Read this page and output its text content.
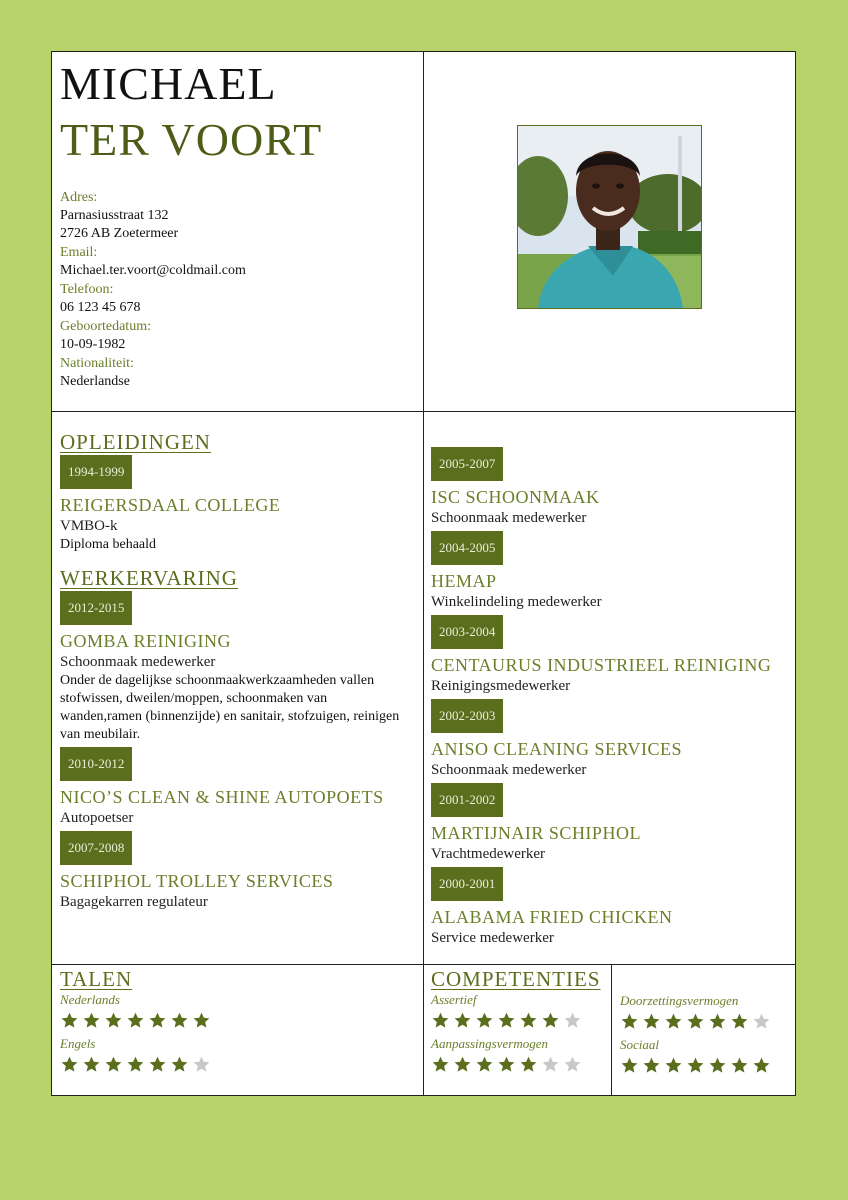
MICHAEL
TER VOORT
Adres:
Parnasiusstraat 132
2726 AB Zoetermeer
Email:
Michael.ter.voort@coldmail.com
Telefoon:
06 123 45 678
Geboortedatum:
10-09-1982
Nationaliteit:
Nederlandse
OPLEIDINGEN
1994-1999
REIGERSDAAL COLLEGE
VMBO-k
Diploma behaald
WERKERVARING
2012-2015
GOMBA REINIGING
Schoonmaak medewerker
Onder de dagelijkse schoonmaakwerkzaamheden vallen stofwissen, dweilen/moppen, schoonmaken van wanden,ramen (binnenzijde) en sanitair, stofzuigen, reinigen van meubilair.
2010-2012
NICO’S CLEAN & SHINE AUTOPOETS
Autopoetser
2007-2008
SCHIPHOL TROLLEY SERVICES
Bagagekarren regulateur
2005-2007
ISC SCHOONMAAK
Schoonmaak medewerker
2004-2005
HEMAP
Winkelindeling medewerker
2003-2004
CENTAURUS INDUSTRIEEL REINIGING
Reinigingsmedewerker
2002-2003
ANISO CLEANING SERVICES
Schoonmaak medewerker
2001-2002
MARTIJNAIR SCHIPHOL
Vrachtmedewerker
2000-2001
ALABAMA FRIED CHICKEN
Service medewerker
TALEN
Nederlands
Engels
COMPETENTIES
Assertief
Aanpassingsvermogen
Doorzettingsvermogen
Sociaal
